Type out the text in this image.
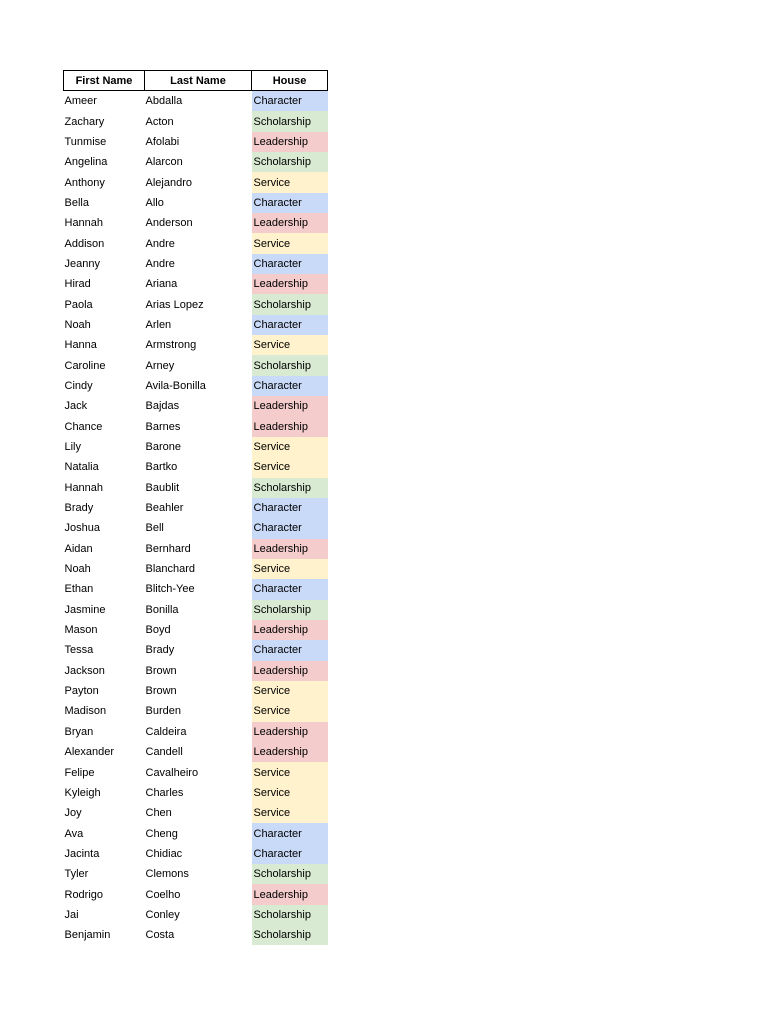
First Name	Last Name	House
Ameer	Abdalla	Character
Zachary	Acton	Scholarship
Tunmise	Afolabi	Leadership
Angelina	Alarcon	Scholarship
Anthony	Alejandro	Service
Bella	Allo	Character
Hannah	Anderson	Leadership
Addison	Andre	Service
Jeanny	Andre	Character
Hirad	Ariana	Leadership
Paola	Arias Lopez	Scholarship
Noah	Arlen	Character
Hanna	Armstrong	Service
Caroline	Arney	Scholarship
Cindy	Avila-Bonilla	Character
Jack	Bajdas	Leadership
Chance	Barnes	Leadership
Lily	Barone	Service
Natalia	Bartko	Service
Hannah	Baublit	Scholarship
Brady	Beahler	Character
Joshua	Bell	Character
Aidan	Bernhard	Leadership
Noah	Blanchard	Service
Ethan	Blitch-Yee	Character
Jasmine	Bonilla	Scholarship
Mason	Boyd	Leadership
Tessa	Brady	Character
Jackson	Brown	Leadership
Payton	Brown	Service
Madison	Burden	Service
Bryan	Caldeira	Leadership
Alexander	Candell	Leadership
Felipe	Cavalheiro	Service
Kyleigh	Charles	Service
Joy	Chen	Service
Ava	Cheng	Character
Jacinta	Chidiac	Character
Tyler	Clemons	Scholarship
Rodrigo	Coelho	Leadership
Jai	Conley	Scholarship
Benjamin	Costa	Scholarship
